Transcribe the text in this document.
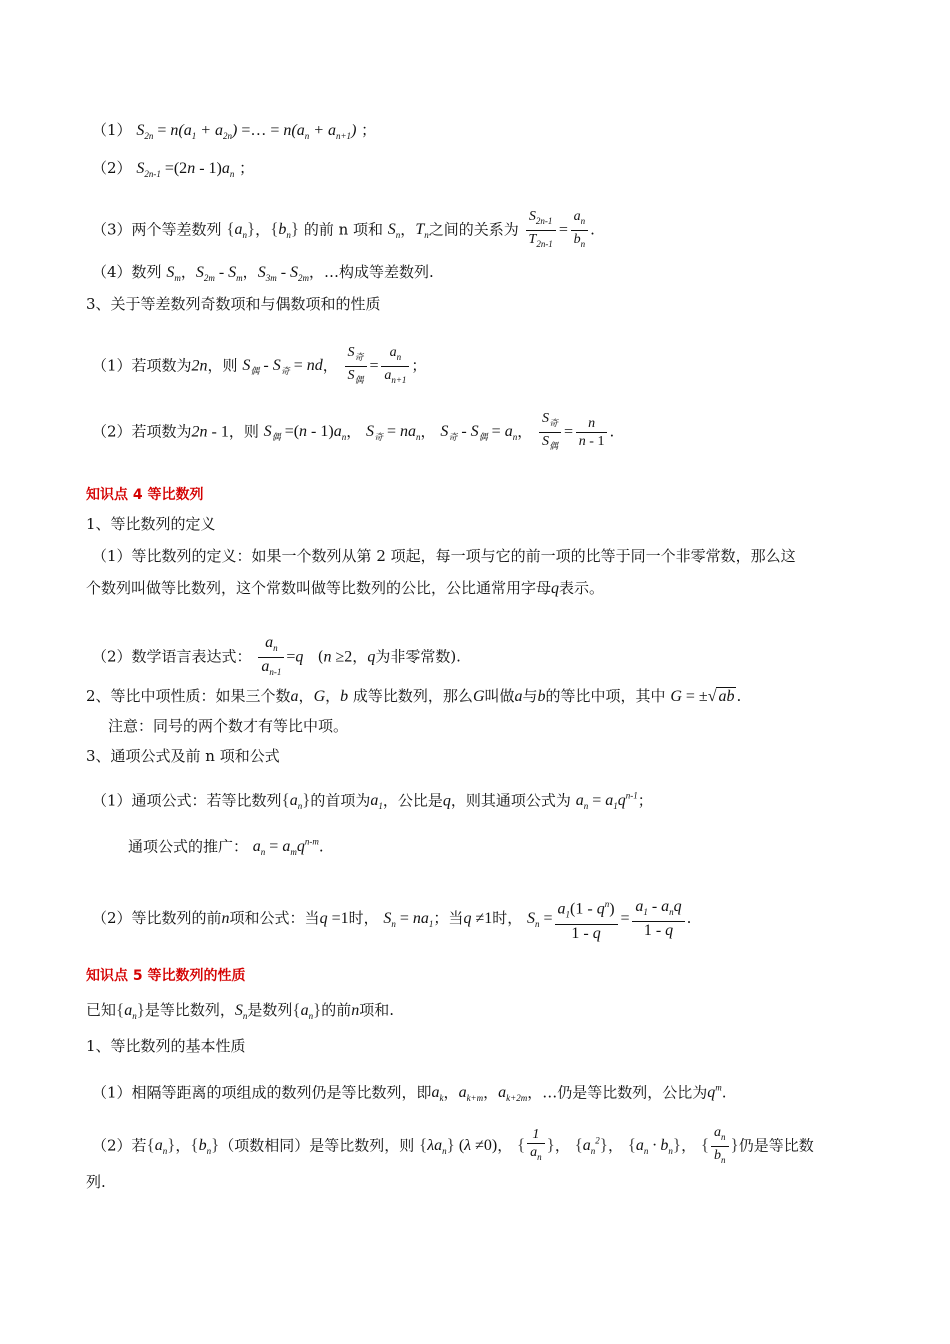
（1） $S_{2n} = n(a_1 + a_{2n})$ =… = $n(a_n + a_{n+1})$ ；
（2） $S_{2n-1} =(2n - 1)a_n$ ；
（3）两个等差数列 $\{a_n\}$，$\{b_n\}$ 的前 n 项和 $S_n$，$T_n$之间的关系为 $\frac{S_{2n-1}}{T_{2n-1}} = \frac{a_n}{b_n}$ .
（4）数列 $S_m$，$S_{2m} - S_m$，$S_{3m} - S_{2m}$，…构成等差数列.
3、关于等差数列奇数项和与偶数项和的性质
（1）若项数为2n，则 $S_偶 - S_奇$ = nd， $\frac{S_奇}{S_偶} = \frac{a_n}{a_{n+1}}$ ；
（2）若项数为2n - 1，则 $S_偶 =(n - 1)a_n$， $S_奇 = na_n$， $S_奇 - S_偶 = a_n$， $\frac{S_奇}{S_偶} = \frac{n}{n - 1}$ .
知识点 4 等比数列
1、等比数列的定义
（1）等比数列的定义：如果一个数列从第 2 项起，每一项与它的前一项的比等于同一个非零常数，那么这
个数列叫做等比数列，这个常数叫做等比数列的公比，公比通常用字母q表示。
（2）数学语言表达式： $\frac{a_n}{a_{n-1}} =q$   (n ≥2，q为非零常数).
2、等比中项性质：如果三个数a，G，b 成等比数列，那么G叫做a与b的等比中项，其中 G = ±√ ab .
注意：同号的两个数才有等比中项。
3、通项公式及前 n 项和公式
（1）通项公式：若等比数列$\{a_n\}$的首项为$a_1$，公比是q，则其通项公式为 $a_n = a_1q^{n-1}$；
通项公式的推广： $a_n = a_mq^{n-m}$.
（2）等比数列的前n项和公式：当q =1时， $S_n = na_1$；当q ≠1时， $S_n = \frac{a_1(1 - q^n)}{1 - q} = \frac{a_1 - a_nq}{1 - q}$ .
知识点 5 等比数列的性质
已知$\{a_n\}$是等比数列，$S_n$是数列$\{a_n\}$的前n项和.
1、等比数列的基本性质
（1）相隔等距离的项组成的数列仍是等比数列，即$a_k$，$a_{k+m}$，$a_{k+2m}$，…仍是等比数列，公比为$q^m$.
（2）若$\{a_n\}$，$\{b_n\}$（项数相同）是等比数列，则 $\{\lambda a_n\}$ (λ ≠0)， { $\frac{1}{a_n}$ }， $\{a_n^2\}$， $\{a_n \cdot b_n\}$， { $\frac{a_n}{b_n}$ }仍是等比数
列.
